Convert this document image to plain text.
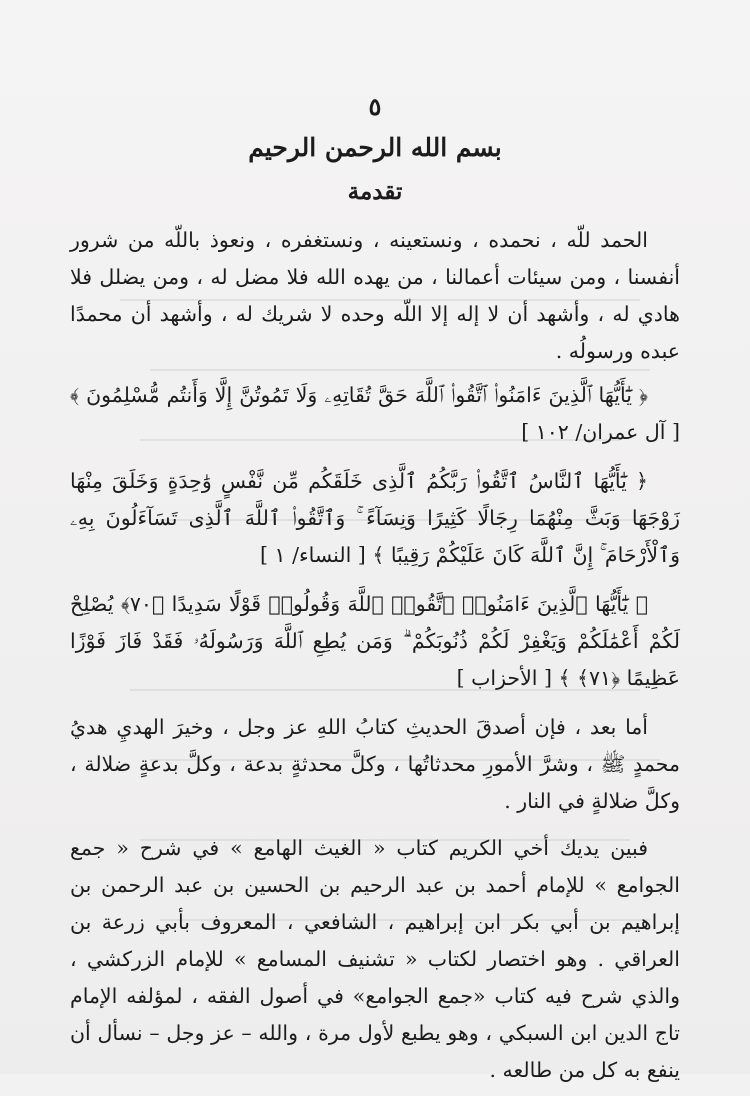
٥
بسم الله الرحمن الرحيم
تقدمة

الحمد للّه ، نحمده ، ونستعينه ، ونستغفره ، ونعوذ باللّه من شرور أنفسنا ، ومن سيئات أعمالنا ، من يهده الله فلا مضل له ، ومن يضلل فلا هادي له ، وأشهد أن لا إله إلا اللّه وحده لا شريك له ، وأشهد أن محمدًا عبده ورسولُه .

﴿ يَٰٓأَيُّهَا ٱلَّذِينَ ءَامَنُوا۟ ٱتَّقُوا۟ ٱللَّهَ حَقَّ تُقَاتِهِۦ وَلَا تَمُوتُنَّ إِلَّا وَأَنتُم مُّسْلِمُونَ ﴾ [ آل عمران/ ١٠٢ ]

﴿ يَٰٓأَيُّهَا ٱلنَّاسُ ٱتَّقُوا۟ رَبَّكُمُ ٱلَّذِى خَلَقَكُم مِّن نَّفْسٍ وَٰحِدَةٍ وَخَلَقَ مِنْهَا زَوْجَهَا وَبَثَّ مِنْهُمَا رِجَالًا كَثِيرًا وَنِسَآءً ۚ وَٱتَّقُوا۟ ٱللَّهَ ٱلَّذِى تَسَآءَلُونَ بِهِۦ وَٱلْأَرْحَامَ ۚ إِنَّ ٱللَّهَ كَانَ عَلَيْكُمْ رَقِيبًا ﴾ [ النساء/ ١ ]

﴿ يَٰٓأَيُّهَا ٱلَّذِينَ ءَامَنُوا۟ ٱتَّقُوا۟ ٱللَّهَ وَقُولُوا۟ قَوْلًا سَدِيدًا ﴿٧٠﴾ يُصْلِحْ لَكُمْ أَعْمَٰلَكُمْ وَيَغْفِرْ لَكُمْ ذُنُوبَكُمْ ۗ وَمَن يُطِعِ ٱللَّهَ وَرَسُولَهُۥ فَقَدْ فَازَ فَوْزًا عَظِيمًا ﴿٧١﴾ ﴾ [ الأحزاب ]

أما بعد ، فإن أصدقَ الحديثِ كتابُ اللهِ عز وجل ، وخيرَ الهديِ هديُ محمدٍ ﷺ ، وشرَّ الأمورِ محدثاتُها ، وكلَّ محدثةٍ بدعة ، وكلَّ بدعةٍ ضلالة ، وكلَّ ضلالةٍ في النار .

فبين يديك أخي الكريم كتاب « الغيث الهامع » في شرح « جمع الجوامع » للإمام أحمد بن عبد الرحيم بن الحسين بن عبد الرحمن بن إبراهيم بن أبي بكر ابن إبراهيم ، الشافعي ، المعروف بأبي زرعة بن العراقي . وهو اختصار لكتاب « تشنيف المسامع » للإمام الزركشي ، والذي شرح فيه كتاب «جمع الجوامع» في أصول الفقه ، لمؤلفه الإمام تاج الدين ابن السبكي ، وهو يطبع لأول مرة ، والله – عز وجل – نسأل أن ينفع به كل من طالعه .
